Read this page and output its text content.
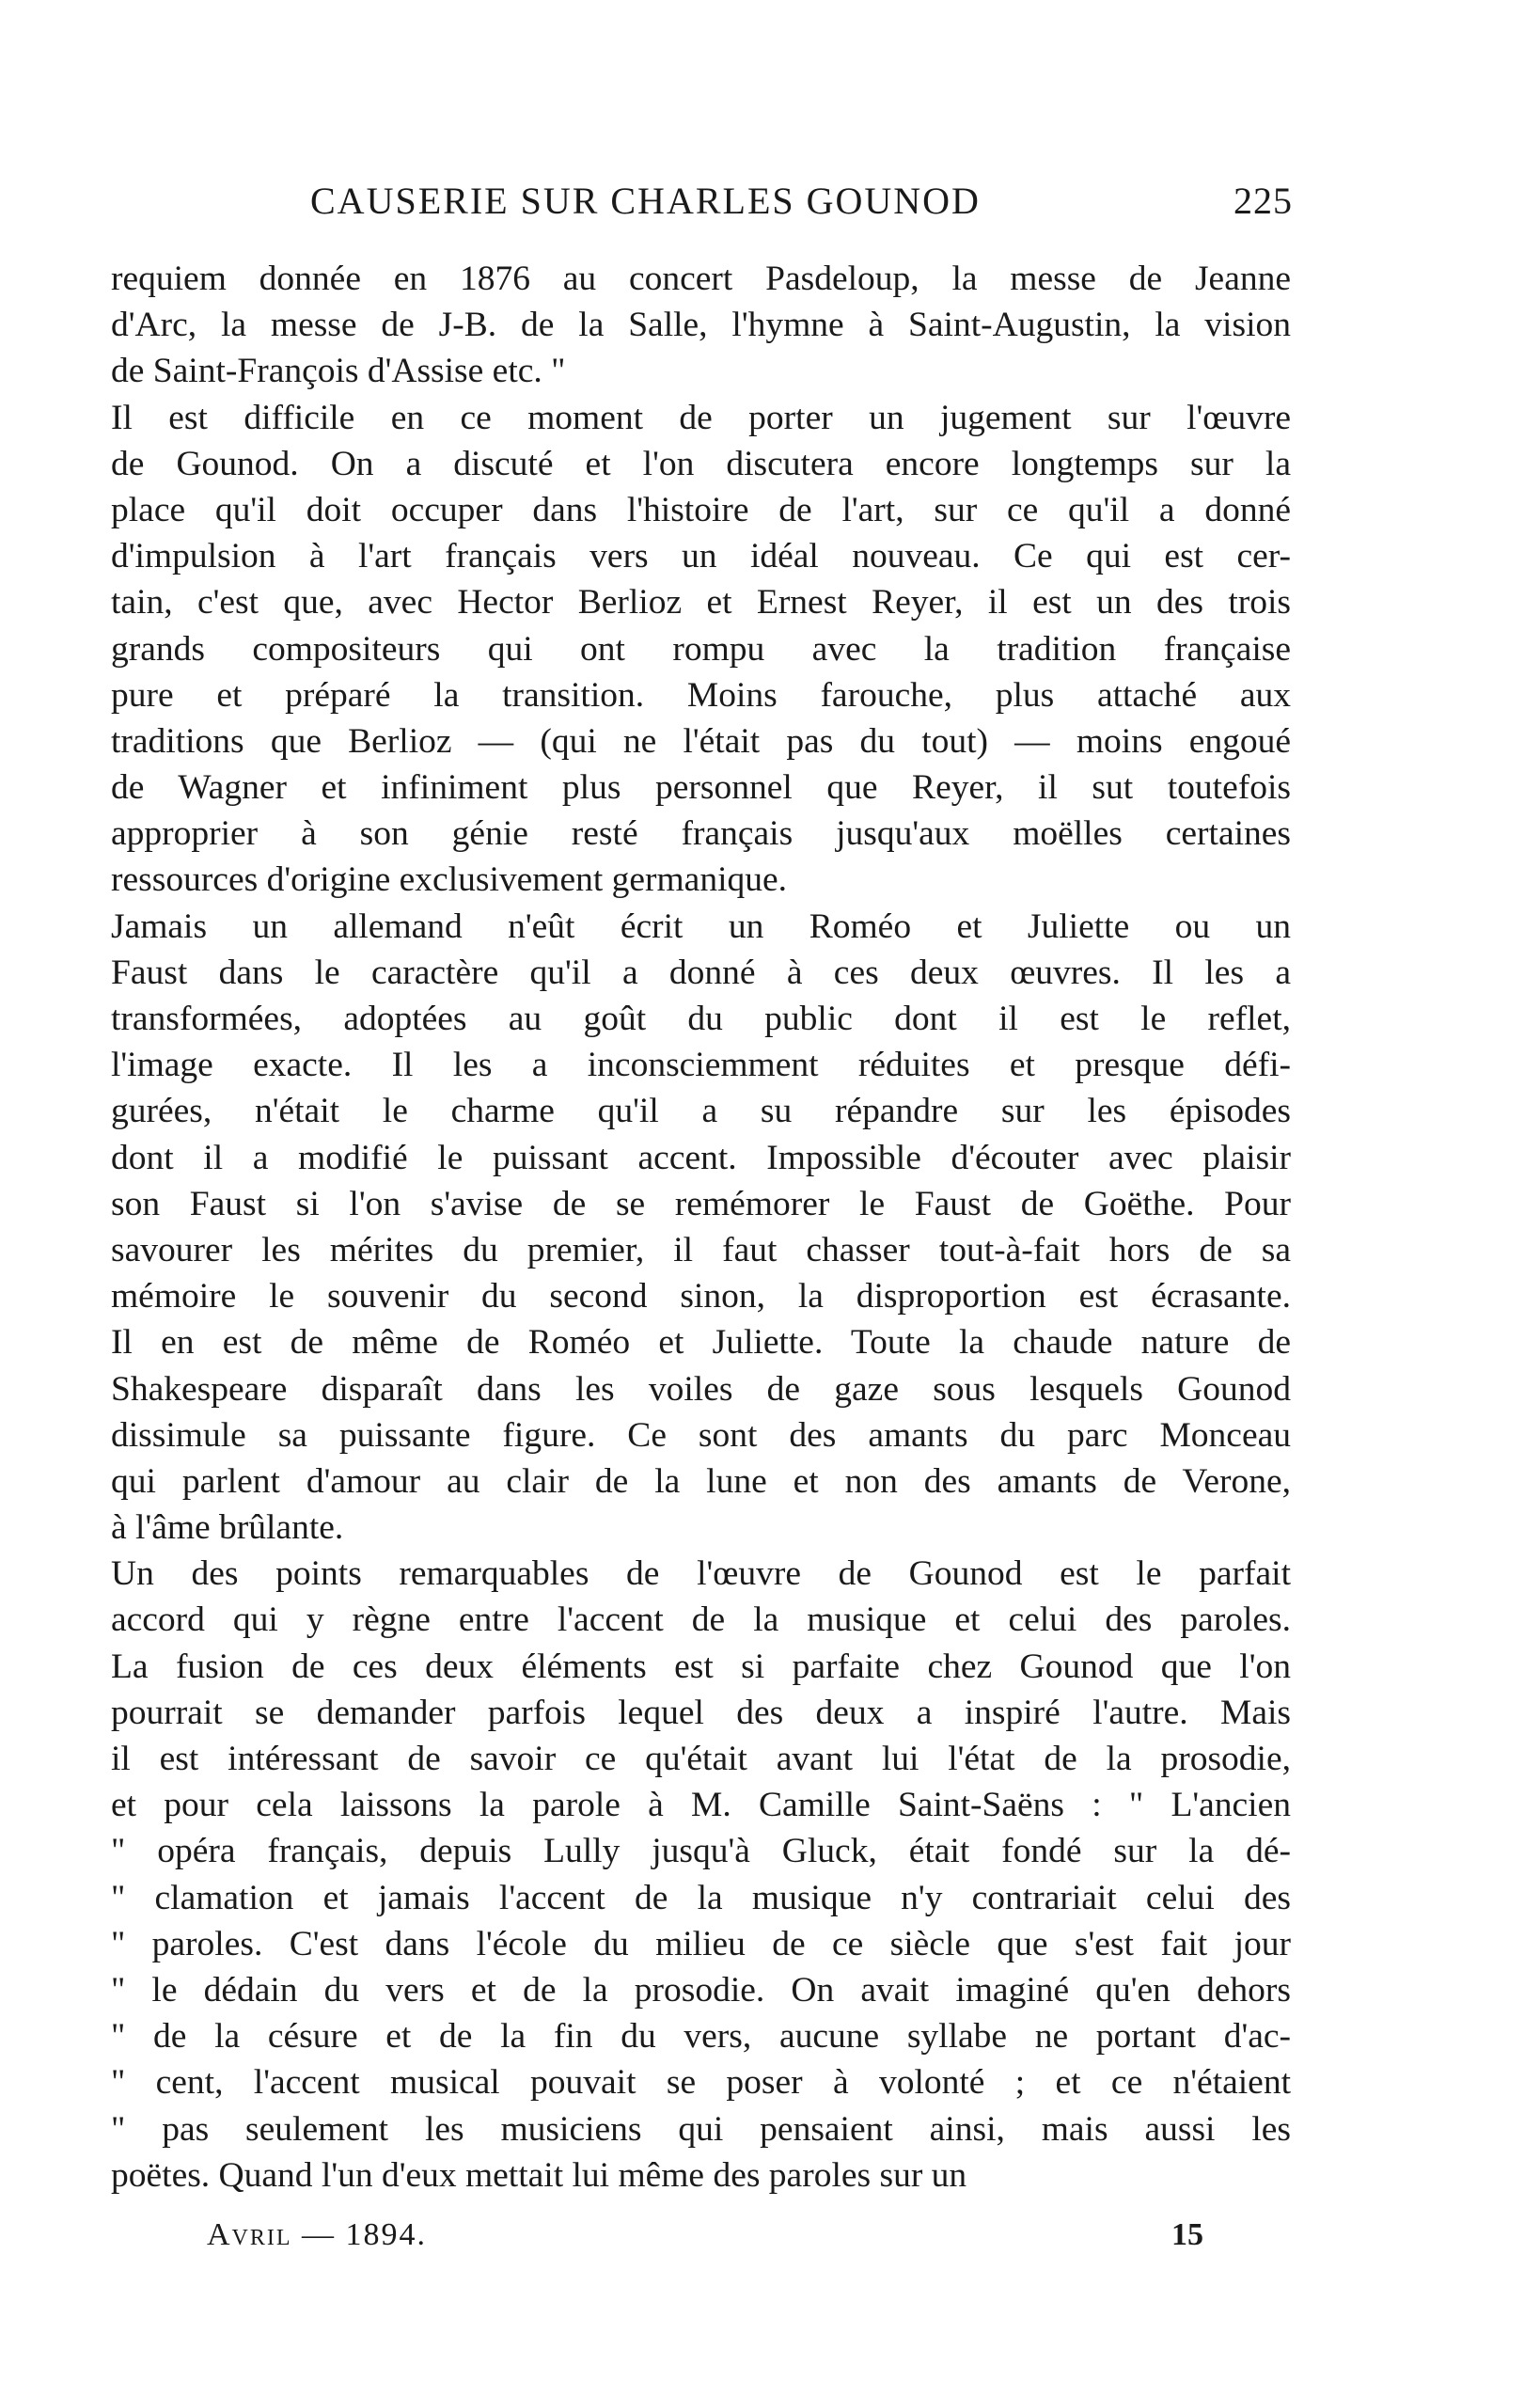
CAUSERIE SUR CHARLES GOUNOD	225
requiem donnée en 1876 au concert Pasdeloup, la messe de Jeanne
d'Arc, la messe de J-B. de la Salle, l'hymne à Saint-Augustin, la vision
de Saint-François d'Assise etc. "
Il est difficile en ce moment de porter un jugement sur l'œuvre
de Gounod. On a discuté et l'on discutera encore longtemps sur la
place qu'il doit occuper dans l'histoire de l'art, sur ce qu'il a donné
d'impulsion à l'art français vers un idéal nouveau. Ce qui est cer-
tain, c'est que, avec Hector Berlioz et Ernest Reyer, il est un des trois
grands compositeurs qui ont rompu avec la tradition française
pure et préparé la transition. Moins farouche, plus attaché aux
traditions que Berlioz — (qui ne l'était pas du tout) — moins engoué
de Wagner et infiniment plus personnel que Reyer, il sut toutefois
approprier à son génie resté français jusqu'aux moëlles certaines
ressources d'origine exclusivement germanique.
Jamais un allemand n'eût écrit un Roméo et Juliette ou un
Faust dans le caractère qu'il a donné à ces deux œuvres. Il les a
transformées, adoptées au goût du public dont il est le reflet,
l'image exacte. Il les a inconsciemment réduites et presque défi-
gurées, n'était le charme qu'il a su répandre sur les épisodes
dont il a modifié le puissant accent. Impossible d'écouter avec plaisir
son Faust si l'on s'avise de se remémorer le Faust de Goëthe. Pour
savourer les mérites du premier, il faut chasser tout-à-fait hors de sa
mémoire le souvenir du second sinon, la disproportion est écrasante.
Il en est de même de Roméo et Juliette. Toute la chaude nature de
Shakespeare disparaît dans les voiles de gaze sous lesquels Gounod
dissimule sa puissante figure. Ce sont des amants du parc Monceau
qui parlent d'amour au clair de la lune et non des amants de Verone,
à l'âme brûlante.
Un des points remarquables de l'œuvre de Gounod est le parfait
accord qui y règne entre l'accent de la musique et celui des paroles.
La fusion de ces deux éléments est si parfaite chez Gounod que l'on
pourrait se demander parfois lequel des deux a inspiré l'autre. Mais
il est intéressant de savoir ce qu'était avant lui l'état de la prosodie,
et pour cela laissons la parole à M. Camille Saint-Saëns : " L'ancien
" opéra français, depuis Lully jusqu'à Gluck, était fondé sur la dé-
" clamation et jamais l'accent de la musique n'y contrariait celui des
" paroles. C'est dans l'école du milieu de ce siècle que s'est fait jour
" le dédain du vers et de la prosodie. On avait imaginé qu'en dehors
" de la césure et de la fin du vers, aucune syllabe ne portant d'ac-
" cent, l'accent musical pouvait se poser à volonté ; et ce n'étaient
" pas seulement les musiciens qui pensaient ainsi, mais aussi les
poëtes. Quand l'un d'eux mettait lui même des paroles sur un
Avril — 1894.	15
